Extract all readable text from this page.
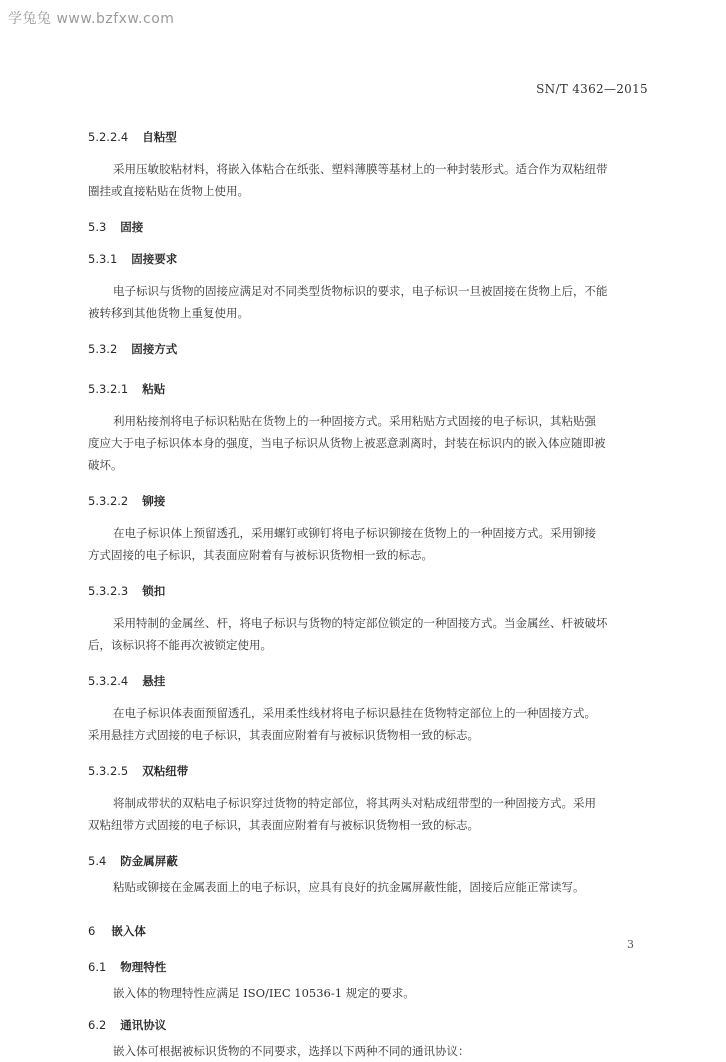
学兔兔 www.bzfxw.com
SN/T 4362—2015
5.2.2.4 自粘型
采用压敏胶粘材料，将嵌入体粘合在纸张、塑料薄膜等基材上的一种封装形式。适合作为双粘纽带
圈挂或直接粘贴在货物上使用。
5.3 固接
5.3.1 固接要求
电子标识与货物的固接应满足对不同类型货物标识的要求，电子标识一旦被固接在货物上后，不能
被转移到其他货物上重复使用。
5.3.2 固接方式
5.3.2.1 粘贴
利用粘接剂将电子标识粘贴在货物上的一种固接方式。采用粘贴方式固接的电子标识，其粘贴强
度应大于电子标识体本身的强度，当电子标识从货物上被恶意剥离时，封装在标识内的嵌入体应随即被
破坏。
5.3.2.2 铆接
在电子标识体上预留透孔，采用螺钉或铆钉将电子标识铆接在货物上的一种固接方式。采用铆接
方式固接的电子标识，其表面应附着有与被标识货物相一致的标志。
5.3.2.3 锁扣
采用特制的金属丝、杆，将电子标识与货物的特定部位锁定的一种固接方式。当金属丝、杆被破坏
后，该标识将不能再次被锁定使用。
5.3.2.4 悬挂
在电子标识体表面预留透孔，采用柔性线材将电子标识悬挂在货物特定部位上的一种固接方式。
采用悬挂方式固接的电子标识，其表面应附着有与被标识货物相一致的标志。
5.3.2.5 双粘纽带
将制成带状的双粘电子标识穿过货物的特定部位，将其两头对粘成纽带型的一种固接方式。采用
双粘纽带方式固接的电子标识，其表面应附着有与被标识货物相一致的标志。
5.4 防金属屏蔽
粘贴或铆接在金属表面上的电子标识，应具有良好的抗金属屏蔽性能，固接后应能正常读写。
6 嵌入体
6.1 物理特性
嵌入体的物理特性应满足 ISO/IEC 10536-1 规定的要求。
6.2 通讯协议
嵌入体可根据被标识货物的不同要求，选择以下两种不同的通讯协议：
3
